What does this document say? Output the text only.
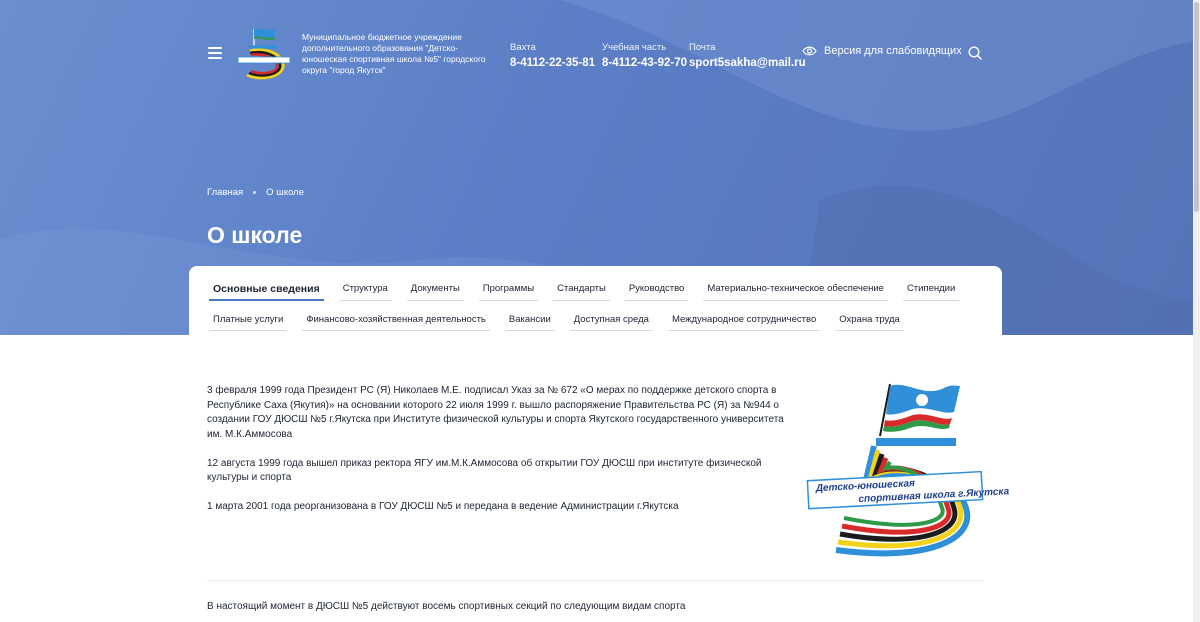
Муниципальное бюджетное учреждение дополнительного образования "Детско-юношеская спортивная школа №5" городского округа "город Якутск"
Вахта
8-4112-22-35-81
Учебная часть
8-4112-43-92-70
Почта
sport5sakha@mail.ru
Версия для слабовидящих
Главная О школе
О школе
Основные сведения	Структура	Документы	Программы	Стандарты	Руководство	Материально-техническое обеспечение	Стипендии
Платные услуги	Финансово-хозяйственная деятельность	Вакансии	Доступная среда	Международное сотрудничество	Охрана труда

3 февраля 1999 года Президент РС (Я) Николаев М.Е. подписал Указ за № 672 «О мерах по поддержке детского спорта в Республике Саха (Якутия)» на основании которого 22 июля 1999 г. вышло распоряжение Правительства РС (Я) за №944 о создании ГОУ ДЮСШ №5 г.Якутска при Институте физической культуры и спорта Якутского государственного университета им. М.К.Аммосова

12 августа 1999 года вышел приказ ректора ЯГУ им.М.К.Аммосова об открытии ГОУ ДЮСШ при институте физической культуры и спорта

1 марта 2001 года реорганизована в ГОУ ДЮСШ №5 и передана в ведение Администрации г.Якутска

Детско-юношеская
спортивная школа г.Якутска
В настоящий момент в ДЮСШ №5 действуют восемь спортивных секций по следующим видам спорта
